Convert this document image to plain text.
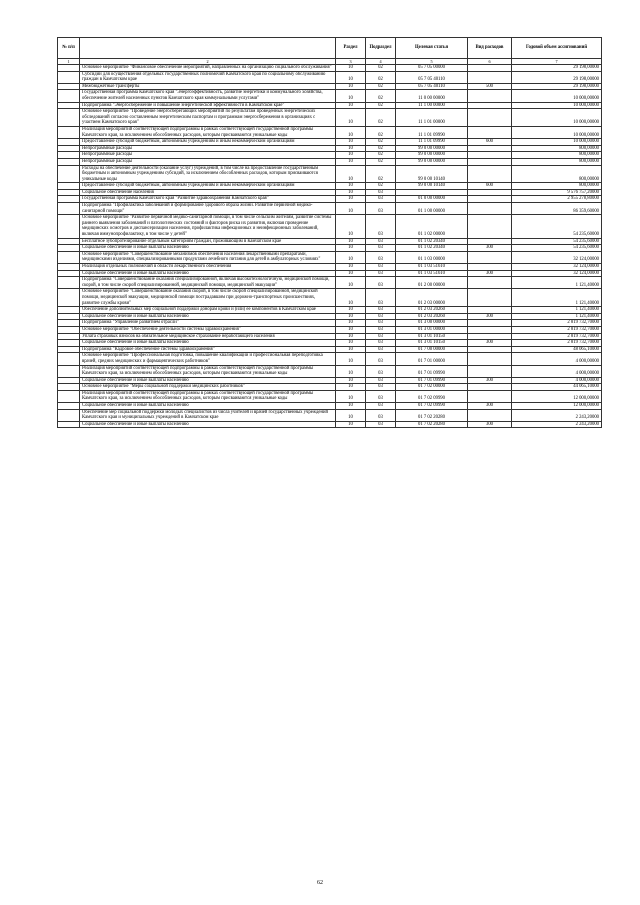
№ п/п		Раздел	Подраздел	Целевая статья	Вид расходов	Годовой объем ассигнований
1	2	3	4	5	6	7
	Основное мероприятие "Финансовое обеспечение мероприятий, направленных на организацию социального обслуживания"	10	02	05 7 05 00000		29 198,00000
	Субсидии для осуществления отдельных государственных полномочий Камчатского края по социальному обслуживанию граждан в Камчатском крае	10	02	05 7 05 40110		29 198,00000
	Межбюджетные трансферты	10	02	05 7 05 40110	500	29 198,00000
	Государственная программа Камчатского края "Энергоэффективность, развитие энергетики и коммунального хозяйства, обеспечение жителей населенных пунктов Камчатского края коммунальными услугами"	10	02	11 0 00 00000		10 000,00000
	Подпрограмма "Энергосбережение и повышение энергетической эффективности в Камчатском крае"	10	02	11 1 00 00000		10 000,00000
	Основное мероприятие "Проведение энергосберегающих мероприятий по результатам проведенных энергетических обследований согласно составленным энергетическим паспортам и программам энергосбережения в организациях с участием Камчатского края"	10	02	11 1 01 00000		10 000,00000
	Реализация мероприятий соответствующей подпрограммы в рамках соответствующей государственной программы Камчатского края, за исключением обособленных расходов, которым присваиваются уникальные коды	10	02	11 1 01 09990		10 000,00000
	Предоставление субсидий бюджетным, автономным учреждениям и иным некоммерческим организациям	10	02	11 1 01 09990	600	10 000,00000
	Непрограммные расходы	10	02	99 0 00 00000		800,00000
	Непрограммные расходы	10	02	99 0 00 00000		800,00000
	Непрограммные расходы	10	02	99 0 00 00000		800,00000
	Расходы на обеспечение деятельности (оказание услуг) учреждений, в том числе на предоставление государственным бюджетным и автономным учреждениям субсидий, за исключением обособленных расходов, которым присваиваются уникальные коды	10	02	99 0 00 10140		800,00000
	Предоставление субсидий бюджетным, автономным учреждениям и иным некоммерческим организациям	10	02	99 0 00 10140	600	800,00000
	Социальное обеспечение населения	10	03			9 576 757,20000
	Государственная программа Камчатского края "Развитие здравоохранения Камчатского края"	10	03	01 0 00 00000		2 955 278,80000
	Подпрограмма "Профилактика заболеваний и формирование здорового образа жизни. Развитие первичной медико-санитарной помощи"	10	03	01 1 00 00000		86 359,60000
	Основное мероприятие "Развитие первичной медико-санитарной помощи, в том числе сельским жителям, развитие системы раннего выявления заболеваний и патологических состояний и факторов риска их развития, включая проведение медицинских осмотров и диспансеризации населения, профилактика инфекционных и неинфекционных заболеваний, включая иммунопрофилактику, в том числе у детей"	10	03	01 1 02 00000		54 235,60000
	Бесплатное зубопротезирование отдельным категориям граждан, проживающим в Камчатском крае	10	03	01 1 02 20340		54 235,60000
	Социальное обеспечение и иные выплаты населению	10	03	01 1 02 20340	300	54 235,60000
	Основное мероприятие "Совершенствование механизмов обеспечения населения лекарственными препаратами, медицинскими изделиями, специализированными продуктами лечебного питания для детей в амбулаторных условиях"	10	03	01 1 03 00000		32 124,00000
	Реализация отдельных полномочий в области лекарственного обеспечения	10	03	01 1 03 51610		32 124,00000
	Социальное обеспечение и иные выплаты населению	10	03	01 1 03 51610	300	32 124,00000
	Подпрограмма "Совершенствование оказания специализированной, включая высокотехнологичную, медицинской помощи, скорой, в том числе скорой специализированной, медицинской помощи, медицинской эвакуации"	10	03	01 2 00 00000		1 121,40000
	Основное мероприятие "Совершенствование оказания скорой, в том числе скорой специализированной, медицинской помощи, медицинской эвакуации, медицинской помощи пострадавшим при дорожно-транспортных происшествиях, развитие службы крови"	10	03	01 2 03 00000		1 121,40000
	Обеспечение дополнительных мер социальной поддержки донорам крови и (или) ее компонентов в Камчатском крае	10	03	01 2 03 20260		1 121,40000
	Социальное обеспечение и иные выплаты населению	10	03	01 2 03 20260	300	1 121,40000
	Подпрограмма "Управление развитием отрасли"	10	03	01 3 00 00000		2 819 732,70000
	Основное мероприятие "Обеспечение деятельности системы здравоохранения"	10	03	01 3 01 00000		2 819 732,70000
	Уплата страховых взносов на обязательное медицинское страхование неработающего населения	10	03	01 3 01 10150		2 819 732,70000
	Социальное обеспечение и иные выплаты населению	10	03	01 3 01 10150	300	2 819 732,70000
	Подпрограмма "Кадровое обеспечение системы здравоохранения"	10	03	01 7 00 00000		48 065,10000
	Основное мероприятие "Профессиональная подготовка, повышение квалификации и профессиональная переподготовка врачей, средних медицинских и фармацевтических работников"	10	03	01 7 01 00000		4 000,00000
	Реализация мероприятий соответствующей подпрограммы в рамках соответствующей государственной программы Камчатского края, за исключением обособленных расходов, которым присваиваются уникальные коды	10	03	01 7 01 09990		4 000,00000
	Социальное обеспечение и иные выплаты населению	10	03	01 7 01 09990	300	4 000,00000
	Основное мероприятие "Меры социальной поддержки медицинских работников"	10	03	01 7 02 00000		44 065,10000
	Реализация мероприятий соответствующей подпрограммы в рамках соответствующей государственной программы Камчатского края, за исключением обособленных расходов, которым присваиваются уникальные коды	10	03	01 7 02 09990		12 000,00000
	Социальное обеспечение и иные выплаты населению	10	03	01 7 02 09990	300	12 000,00000
	Обеспечение мер социальной поддержки молодых специалистов из числа учителей и врачей государственных учреждений Камчатского края и муниципальных учреждений в Камчатском крае	10	03	01 7 02 20280		2 243,20000
	Социальное обеспечение и иные выплаты населению	10	03	01 7 02 20280	300	2 243,20000
62
